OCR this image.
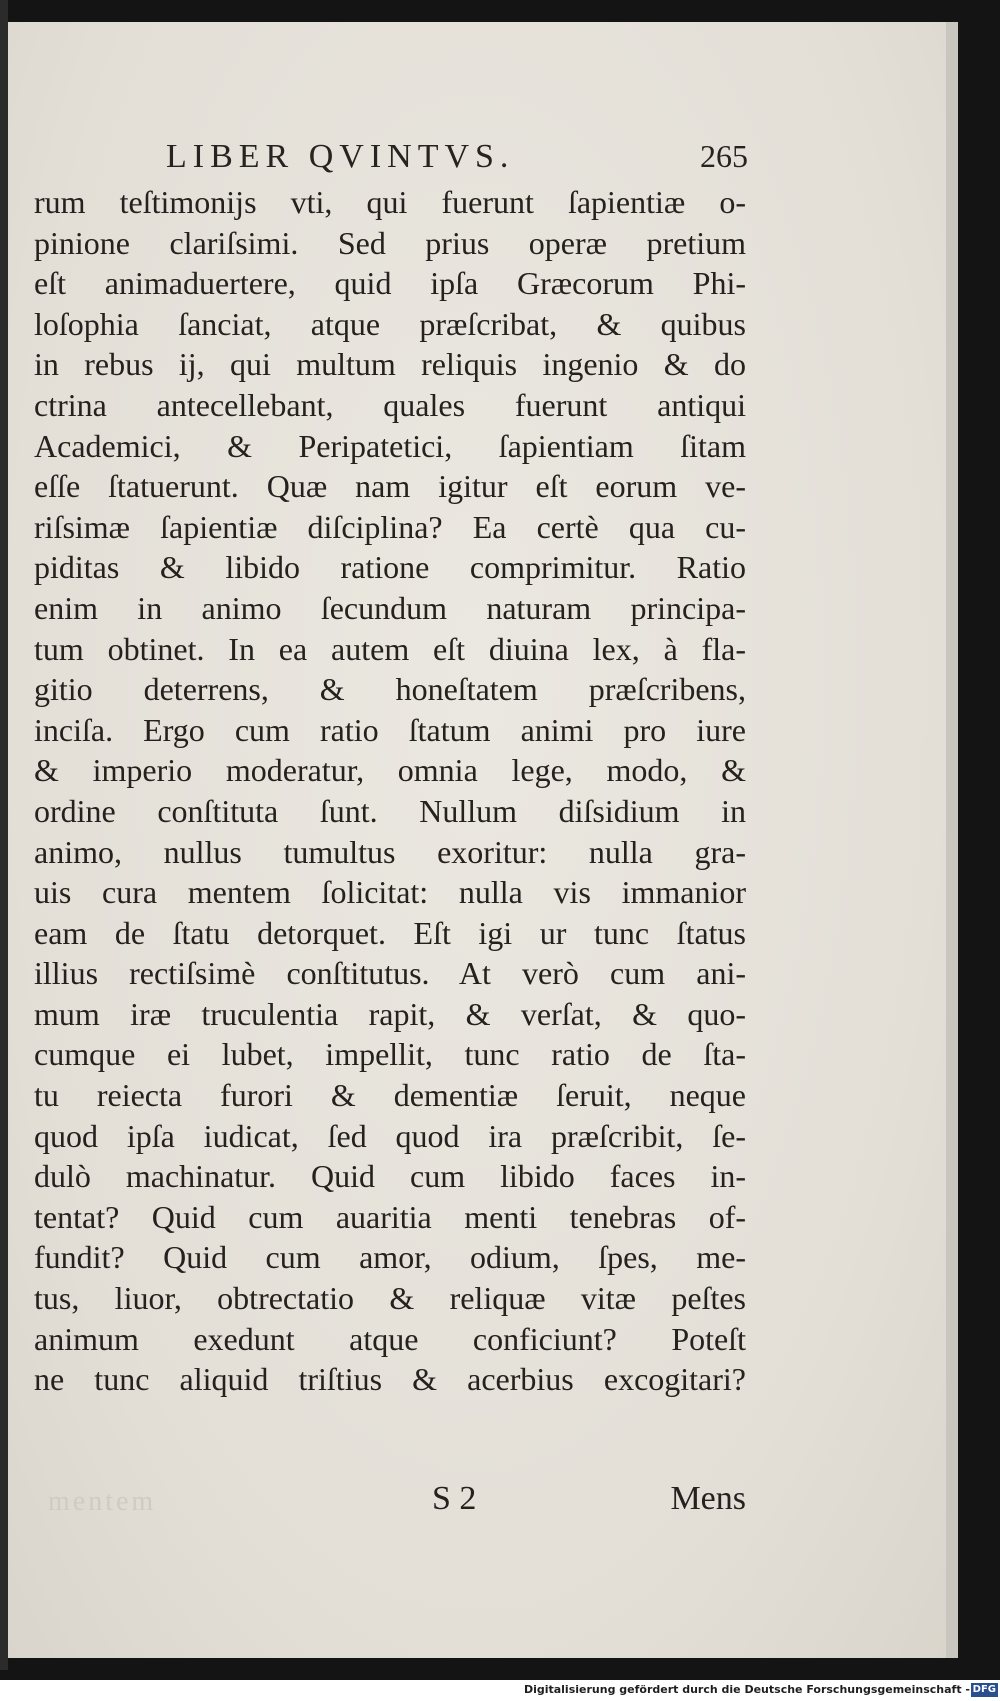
LIBER QVINTVS.	265
rum teſtimonijs vti, qui fuerunt ſapientiæ o-
pinione clariſsimi. Sed prius operæ pretium
eſt animaduertere, quid ipſa Græcorum Phi-
loſophia ſanciat, atque præſcribat, & quibus
in rebus ij, qui multum reliquis ingenio & do
ctrina antecellebant, quales fuerunt antiqui
Academici, & Peripatetici, ſapientiam ſitam
eſſe ſtatuerunt. Quæ nam igitur eſt eorum ve-
riſsimæ ſapientiæ diſciplina? Ea certè qua cu-
piditas & libido ratione comprimitur. Ratio
enim in animo ſecundum naturam principa-
tum obtinet. In ea autem eſt diuina lex, à fla-
gitio deterrens, & honeſtatem præſcribens,
inciſa. Ergo cum ratio ſtatum animi pro iure
& imperio moderatur, omnia lege, modo, &
ordine conſtituta ſunt. Nullum diſsidium in
animo, nullus tumultus exoritur: nulla gra-
uis cura mentem ſolicitat: nulla vis immanior
eam de ſtatu detorquet. Eſt igi ur tunc ſtatus
illius rectiſsimè conſtitutus. At verò cum ani-
mum iræ truculentia rapit, & verſat, & quo-
cumque ei lubet, impellit, tunc ratio de ſta-
tu reiecta furori & dementiæ ſeruit, neque
quod ipſa iudicat, ſed quod ira præſcribit, ſe-
dulò machinatur. Quid cum libido faces in-
tentat? Quid cum auaritia menti tenebras of-
fundit? Quid cum amor, odium, ſpes, me-
tus, liuor, obtrectatio & reliquæ vitæ peſtes
animum exedunt atque conficiunt? Poteſt
ne tunc aliquid triſtius & acerbius excogitari?
mentem	S 2	Mens
Digitalisierung gefördert durch die Deutsche Forschungsgemeinschaft - DFG
